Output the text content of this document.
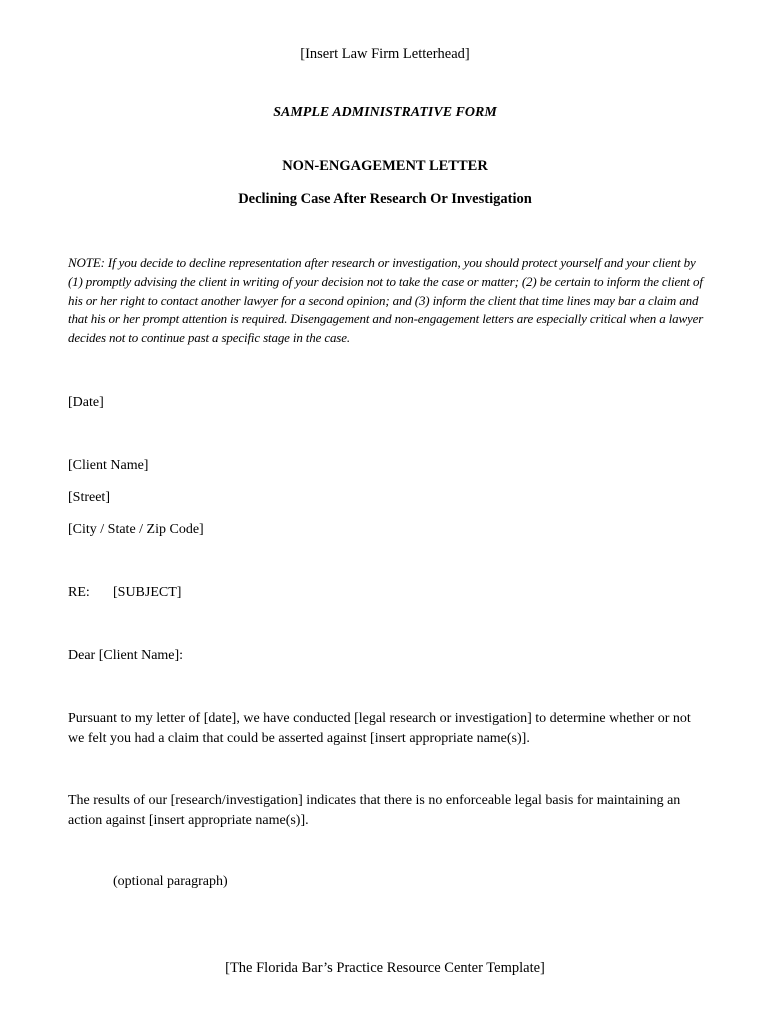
[Insert Law Firm Letterhead]

SAMPLE ADMINISTRATIVE FORM

NON-ENGAGEMENT LETTER

Declining Case After Research Or Investigation

NOTE: If you decide to decline representation after research or investigation, you should protect yourself and your client by (1) promptly advising the client in writing of your decision not to take the case or matter; (2) be certain to inform the client of his or her right to contact another lawyer for a second opinion; and (3) inform the client that time lines may bar a claim and that his or her prompt attention is required. Disengagement and non-engagement letters are especially critical when a lawyer decides not to continue past a specific stage in the case.

[Date]

[Client Name]

[Street]

[City / State / Zip Code]

RE: [SUBJECT]

Dear [Client Name]:

Pursuant to my letter of [date], we have conducted [legal research or investigation] to determine whether or not we felt you had a claim that could be asserted against [insert appropriate name(s)].

The results of our [research/investigation] indicates that there is no enforceable legal basis for maintaining an action against [insert appropriate name(s)].

(optional paragraph)

[The Florida Bar’s Practice Resource Center Template]
